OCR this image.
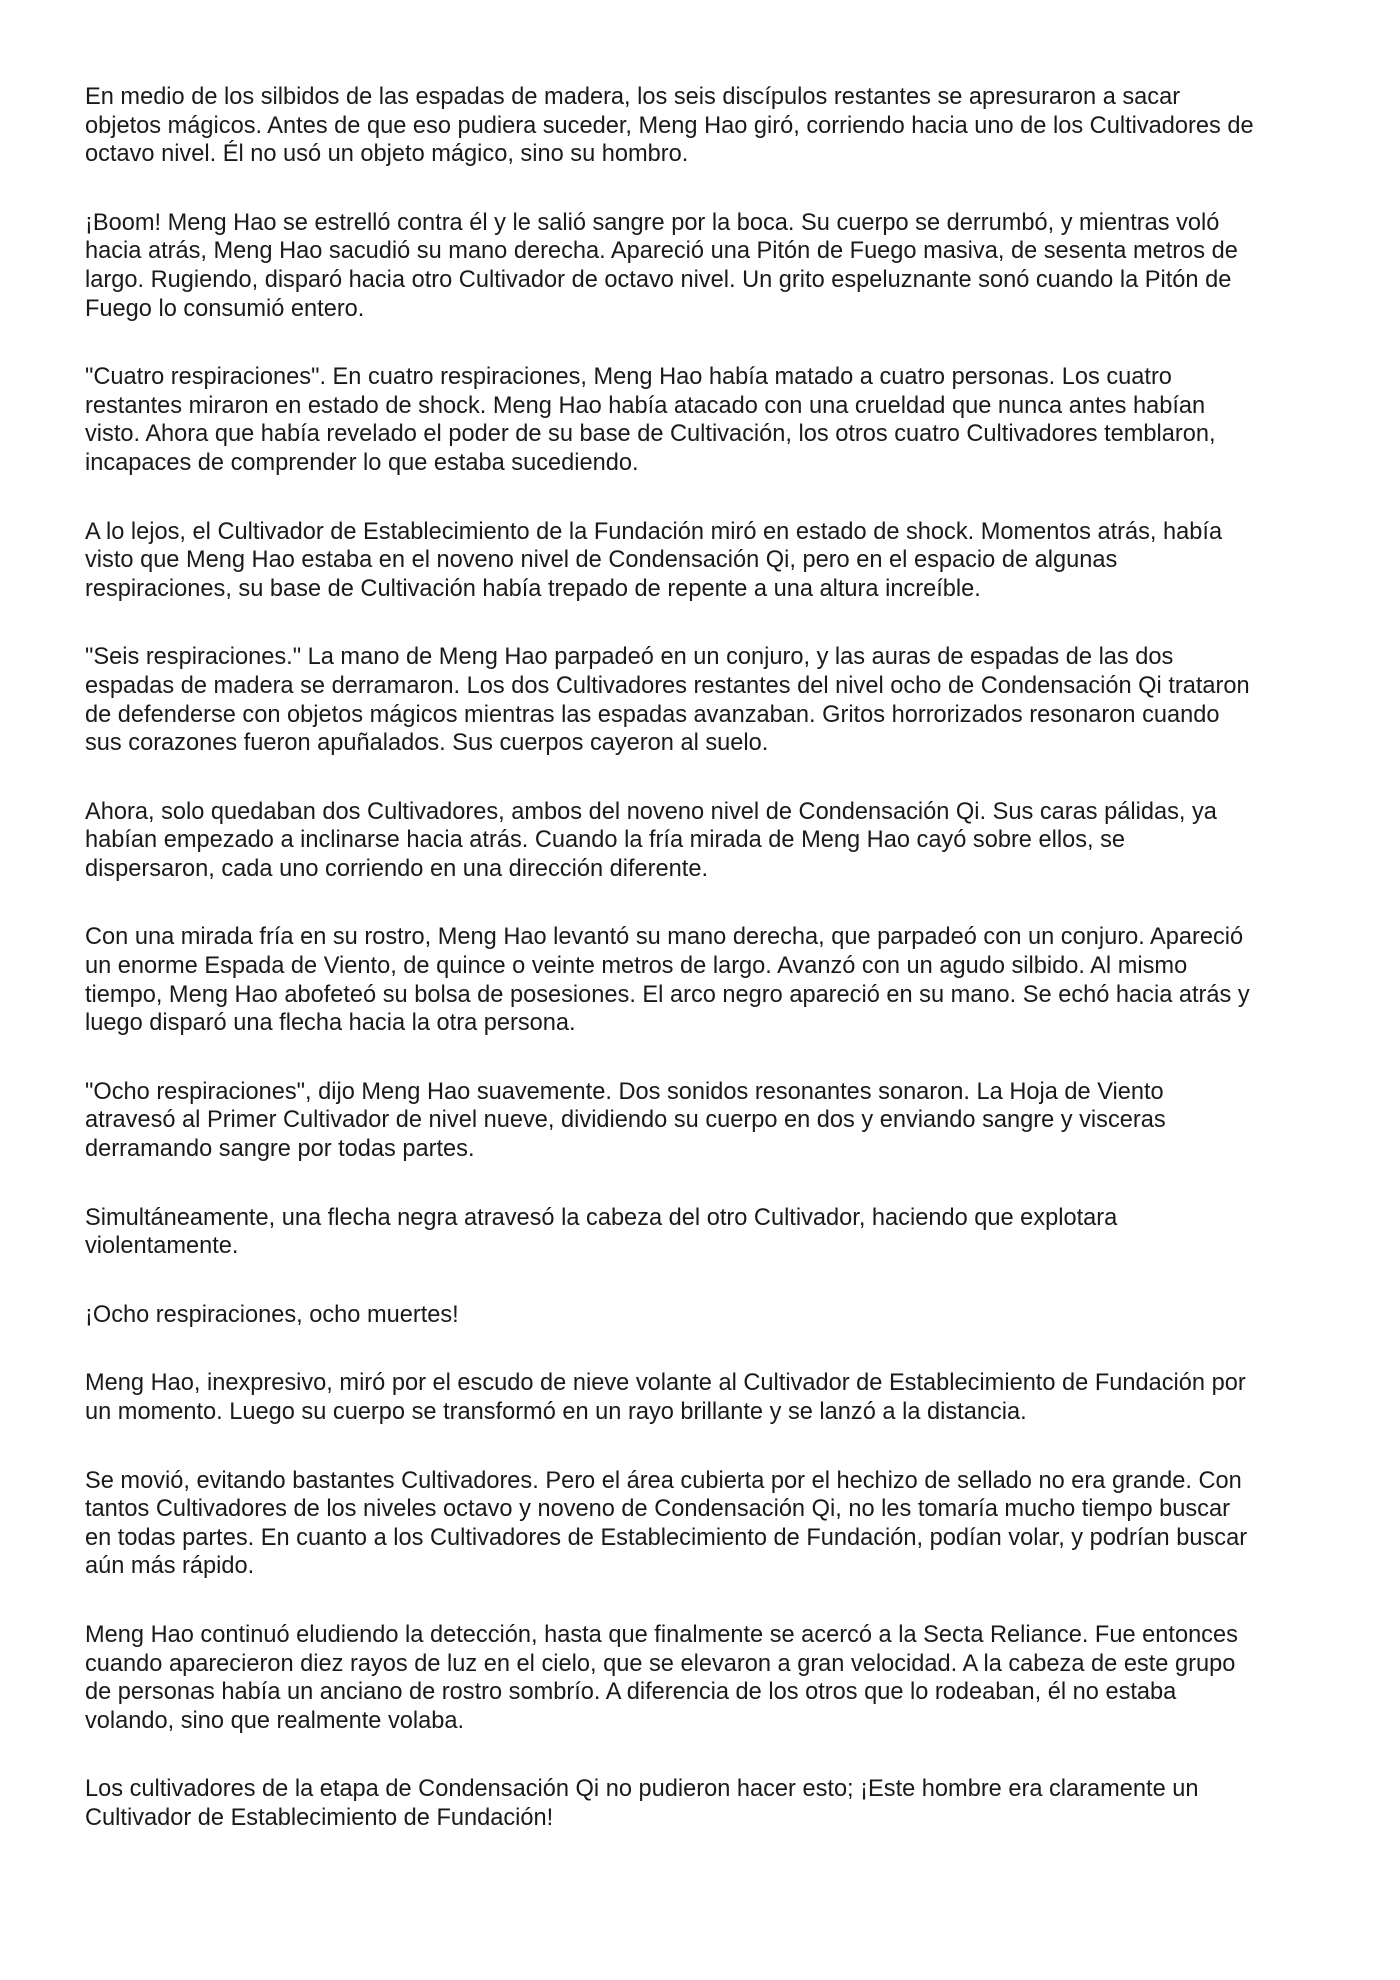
En medio de los silbidos de las espadas de madera, los seis discípulos restantes se apresuraron a sacar
objetos mágicos. Antes de que eso pudiera suceder, Meng Hao giró, corriendo hacia uno de los Cultivadores de
octavo nivel. Él no usó un objeto mágico, sino su hombro.

¡Boom! Meng Hao se estrelló contra él y le salió sangre por la boca. Su cuerpo se derrumbó, y mientras voló
hacia atrás, Meng Hao sacudió su mano derecha. Apareció una Pitón de Fuego masiva, de sesenta metros de
largo. Rugiendo, disparó hacia otro Cultivador de octavo nivel. Un grito espeluznante sonó cuando la Pitón de
Fuego lo consumió entero.

"Cuatro respiraciones". En cuatro respiraciones, Meng Hao había matado a cuatro personas. Los cuatro
restantes miraron en estado de shock. Meng Hao había atacado con una crueldad que nunca antes habían
visto. Ahora que había revelado el poder de su base de Cultivación, los otros cuatro Cultivadores temblaron,
incapaces de comprender lo que estaba sucediendo.

A lo lejos, el Cultivador de Establecimiento de la Fundación miró en estado de shock. Momentos atrás, había
visto que Meng Hao estaba en el noveno nivel de Condensación Qi, pero en el espacio de algunas
respiraciones, su base de Cultivación había trepado de repente a una altura increíble.

"Seis respiraciones." La mano de Meng Hao parpadeó en un conjuro, y las auras de espadas de las dos
espadas de madera se derramaron. Los dos Cultivadores restantes del nivel ocho de Condensación Qi trataron
de defenderse con objetos mágicos mientras las espadas avanzaban. Gritos horrorizados resonaron cuando
sus corazones fueron apuñalados. Sus cuerpos cayeron al suelo.

Ahora, solo quedaban dos Cultivadores, ambos del noveno nivel de Condensación Qi. Sus caras pálidas, ya
habían empezado a inclinarse hacia atrás. Cuando la fría mirada de Meng Hao cayó sobre ellos, se
dispersaron, cada uno corriendo en una dirección diferente.

Con una mirada fría en su rostro, Meng Hao levantó su mano derecha, que parpadeó con un conjuro. Apareció
un enorme Espada de Viento, de quince o veinte metros de largo. Avanzó con un agudo silbido. Al mismo
tiempo, Meng Hao abofeteó su bolsa de posesiones. El arco negro apareció en su mano. Se echó hacia atrás y
luego disparó una flecha hacia la otra persona.

"Ocho respiraciones", dijo Meng Hao suavemente. Dos sonidos resonantes sonaron. La Hoja de Viento
atravesó al Primer Cultivador de nivel nueve, dividiendo su cuerpo en dos y enviando sangre y visceras
derramando sangre por todas partes.

Simultáneamente, una flecha negra atravesó la cabeza del otro Cultivador, haciendo que explotara
violentamente.

¡Ocho respiraciones, ocho muertes!

Meng Hao, inexpresivo, miró por el escudo de nieve volante al Cultivador de Establecimiento de Fundación por
un momento. Luego su cuerpo se transformó en un rayo brillante y se lanzó a la distancia.

Se movió, evitando bastantes Cultivadores. Pero el área cubierta por el hechizo de sellado no era grande. Con
tantos Cultivadores de los niveles octavo y noveno de Condensación Qi, no les tomaría mucho tiempo buscar
en todas partes. En cuanto a los Cultivadores de Establecimiento de Fundación, podían volar, y podrían buscar
aún más rápido.

Meng Hao continuó eludiendo la detección, hasta que finalmente se acercó a la Secta Reliance. Fue entonces
cuando aparecieron diez rayos de luz en el cielo, que se elevaron a gran velocidad. A la cabeza de este grupo
de personas había un anciano de rostro sombrío. A diferencia de los otros que lo rodeaban, él no estaba
volando, sino que realmente volaba.

Los cultivadores de la etapa de Condensación Qi no pudieron hacer esto; ¡Este hombre era claramente un
Cultivador de Establecimiento de Fundación!
